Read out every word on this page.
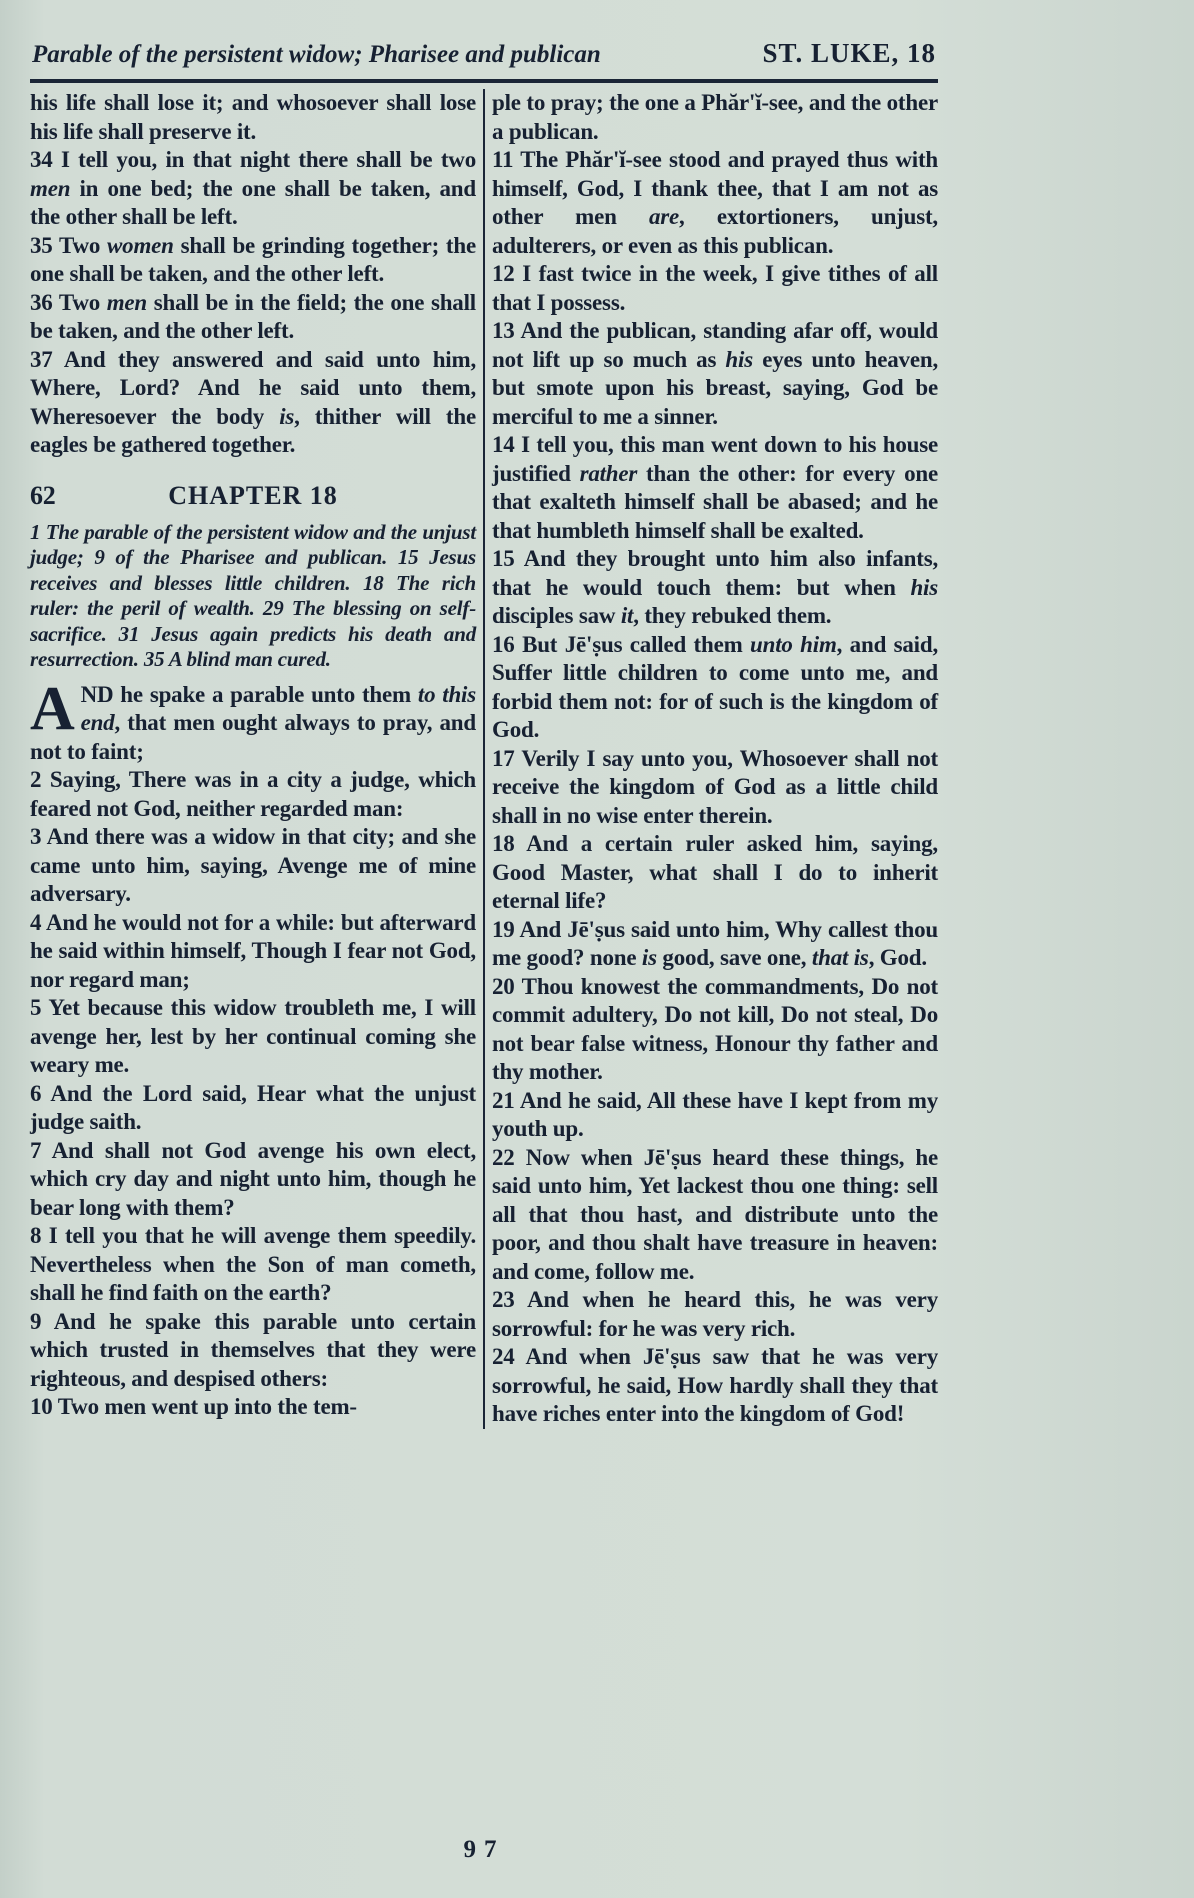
Parable of the persistent widow; Pharisee and publican	ST. LUKE, 18

his life shall lose it; and whosoever shall lose his life shall preserve it.

34 I tell you, in that night there shall be two men in one bed; the one shall be taken, and the other shall be left.

35 Two women shall be grinding together; the one shall be taken, and the other left.

36 Two men shall be in the field; the one shall be taken, and the other left.

37 And they answered and said unto him, Where, Lord? And he said unto them, Wheresoever the body is, thither will the eagles be gathered together.

62	CHAPTER 18

1 The parable of the persistent widow and the unjust judge; 9 of the Pharisee and publican. 15 Jesus receives and blesses little children. 18 The rich ruler: the peril of wealth. 29 The blessing on self-sacrifice. 31 Jesus again predicts his death and resurrection. 35 A blind man cured.

AND he spake a parable unto them to this end, that men ought always to pray, and not to faint;

2 Saying, There was in a city a judge, which feared not God, neither regarded man:

3 And there was a widow in that city; and she came unto him, saying, Avenge me of mine adversary.

4 And he would not for a while: but afterward he said within himself, Though I fear not God, nor regard man;

5 Yet because this widow troubleth me, I will avenge her, lest by her continual coming she weary me.

6 And the Lord said, Hear what the unjust judge saith.

7 And shall not God avenge his own elect, which cry day and night unto him, though he bear long with them?

8 I tell you that he will avenge them speedily. Nevertheless when the Son of man cometh, shall he find faith on the earth?

9 And he spake this parable unto certain which trusted in themselves that they were righteous, and despised others:

10 Two men went up into the tem-

ple to pray; the one a Phăr'ĭ-see, and the other a publican.

11 The Phăr'ĭ-see stood and prayed thus with himself, God, I thank thee, that I am not as other men are, extortioners, unjust, adulterers, or even as this publican.

12 I fast twice in the week, I give tithes of all that I possess.

13 And the publican, standing afar off, would not lift up so much as his eyes unto heaven, but smote upon his breast, saying, God be merciful to me a sinner.

14 I tell you, this man went down to his house justified rather than the other: for every one that exalteth himself shall be abased; and he that humbleth himself shall be exalted.

15 And they brought unto him also infants, that he would touch them: but when his disciples saw it, they rebuked them.

16 But Jē'ṣus called them unto him, and said, Suffer little children to come unto me, and forbid them not: for of such is the kingdom of God.

17 Verily I say unto you, Whosoever shall not receive the kingdom of God as a little child shall in no wise enter therein.

18 And a certain ruler asked him, saying, Good Master, what shall I do to inherit eternal life?

19 And Jē'ṣus said unto him, Why callest thou me good? none is good, save one, that is, God.

20 Thou knowest the commandments, Do not commit adultery, Do not kill, Do not steal, Do not bear false witness, Honour thy father and thy mother.

21 And he said, All these have I kept from my youth up.

22 Now when Jē'ṣus heard these things, he said unto him, Yet lackest thou one thing: sell all that thou hast, and distribute unto the poor, and thou shalt have treasure in heaven: and come, follow me.

23 And when he heard this, he was very sorrowful: for he was very rich.

24 And when Jē'ṣus saw that he was very sorrowful, he said, How hardly shall they that have riches enter into the kingdom of God!

97
